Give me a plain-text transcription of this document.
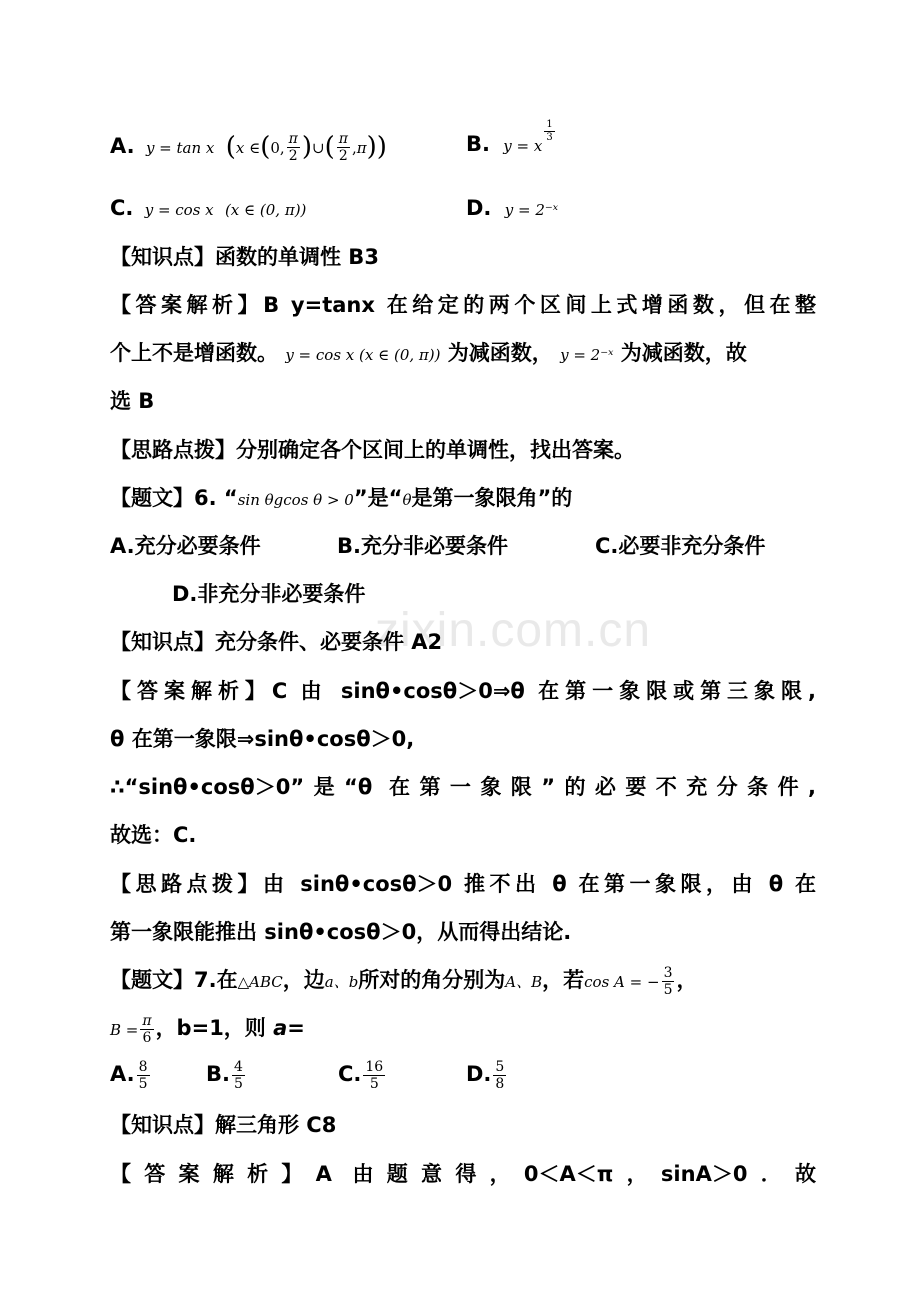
zixin.com.cn
A. y = tan x (x ∈(0, $\frac{\pi}{2}$ )∪( $\frac{\pi}{2} ,\pi$))	B. y = x
$^{\frac{1}{3}}$
C. y = cos x (x ∈ (0, π))	D. y = 2⁻ˣ
【知识点】函数的单调性 B3
【答案解析】B y=tanx 在给定的两个区间上式增函数，但在整
个上不是增函数。 y = cos x (x ∈ (0, π)) 为减函数， y = 2⁻ˣ 为减函数，故
选 B
【思路点拨】分别确定各个区间上的单调性，找出答案。
【题文】6. “sin θgcos θ > 0”是“θ是第一象限角”的
A.充分必要条件	B.充分非必要条件	C.必要非充分条件
D.非充分非必要条件
【知识点】充分条件、必要条件 A2
【答案解析】C 由 sinθ•cosθ＞0⇒θ 在第一象限或第三象限,
θ 在第一象限⇒sinθ•cosθ＞0,
∴“sinθ•cosθ＞0”是“θ 在第一象限”的必要不充分条件,
故选：C.
【思路点拨】由 sinθ•cosθ＞0 推不出 θ 在第一象限，由 θ 在
第一象限能推出 sinθ•cosθ＞0，从而得出结论.
【题文】7.在△ABC，边a、b所对的角分别为A、B，若cos A = − $\frac{3}{5}$ ，
$B = \frac{\pi}{6}$ ，b=1，则 a=
A. $\frac{8}{5}$	B. $\frac{4}{5}$	C. $\frac{16}{5}$	D. $\frac{5}{8}$
【知识点】解三角形 C8
【答案解析】A 由题意得，0＜A＜π，sinA＞0．故
